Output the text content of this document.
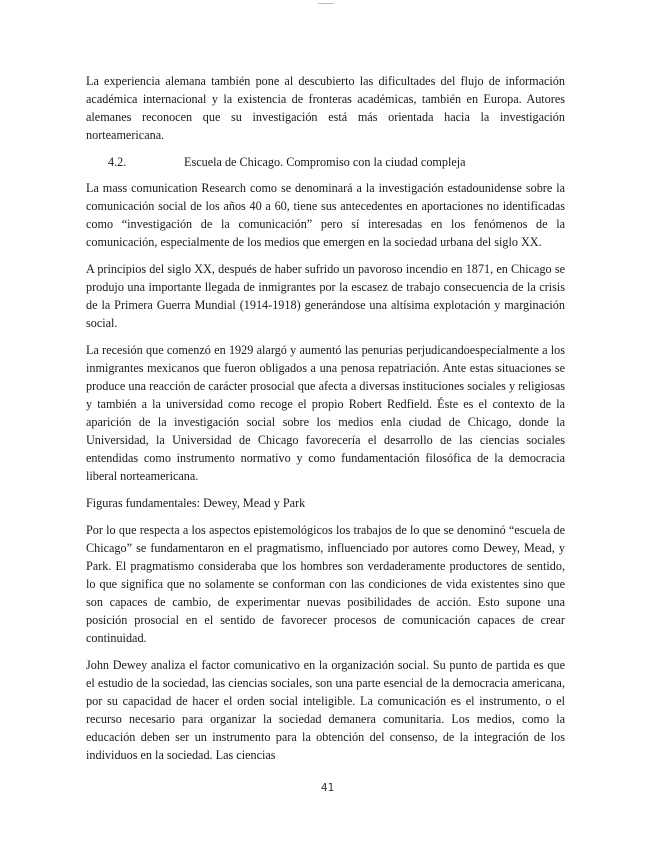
La experiencia alemana también pone al descubierto las dificultades del flujo de información académica internacional y la existencia de fronteras académicas, también en Europa. Autores alemanes reconocen que su investigación está más orientada hacia la investigación norteamericana.

4.2.	Escuela de Chicago. Compromiso con la ciudad compleja

La mass comunication Research como se denominará a la investigación estadounidense sobre la comunicación social de los años 40 a 60, tiene sus antecedentes en aportaciones no identificadas como “investigación de la comunicación” pero sí interesadas en los fenómenos de la comunicación, especialmente de los medios que emergen en la sociedad urbana del siglo XX.

A principios del siglo XX, después de haber sufrido un pavoroso incendio en 1871, en Chicago se produjo una importante llegada de inmigrantes por la escasez de trabajo consecuencia de la crisis de la Primera Guerra Mundial (1914-1918) generándose una altísima explotación y marginación social.

La recesión que comenzó en 1929 alargó y aumentó las penurias perjudicandoespecialmente a los inmigrantes mexicanos que fueron obligados a una penosa repatriación. Ante estas situaciones se produce una reacción de carácter prosocial que afecta a diversas instituciones sociales y religiosas y también a la universidad como recoge el propio Robert Redfield. Éste es el contexto de la aparición de la investigación social sobre los medios enla ciudad de Chicago, donde la Universidad, la Universidad de Chicago favorecería el desarrollo de las ciencias sociales entendidas como instrumento normativo y como fundamentación filosófica de la democracia liberal norteamericana.

Figuras fundamentales: Dewey, Mead y Park

Por lo que respecta a los aspectos epistemológicos los trabajos de lo que se denominó “escuela de Chicago” se fundamentaron en el pragmatismo, influenciado por autores como Dewey, Mead, y Park. El pragmatismo consideraba que los hombres son verdaderamente productores de sentido, lo que significa que no solamente se conforman con las condiciones de vida existentes sino que son capaces de cambio, de experimentar nuevas posibilidades de acción. Esto supone una posición prosocial en el sentido de favorecer procesos de comunicación capaces de crear continuidad.

John Dewey analiza el factor comunicativo en la organización social. Su punto de partida es que el estudio de la sociedad, las ciencias sociales, son una parte esencial de la democracia americana, por su capacidad de hacer el orden social inteligible. La comunicación es el instrumento, o el recurso necesario para organizar la sociedad demanera comunitaria. Los medios, como la educación deben ser un instrumento para la obtención del consenso, de la integración de los individuos en la sociedad. Las ciencias

41
